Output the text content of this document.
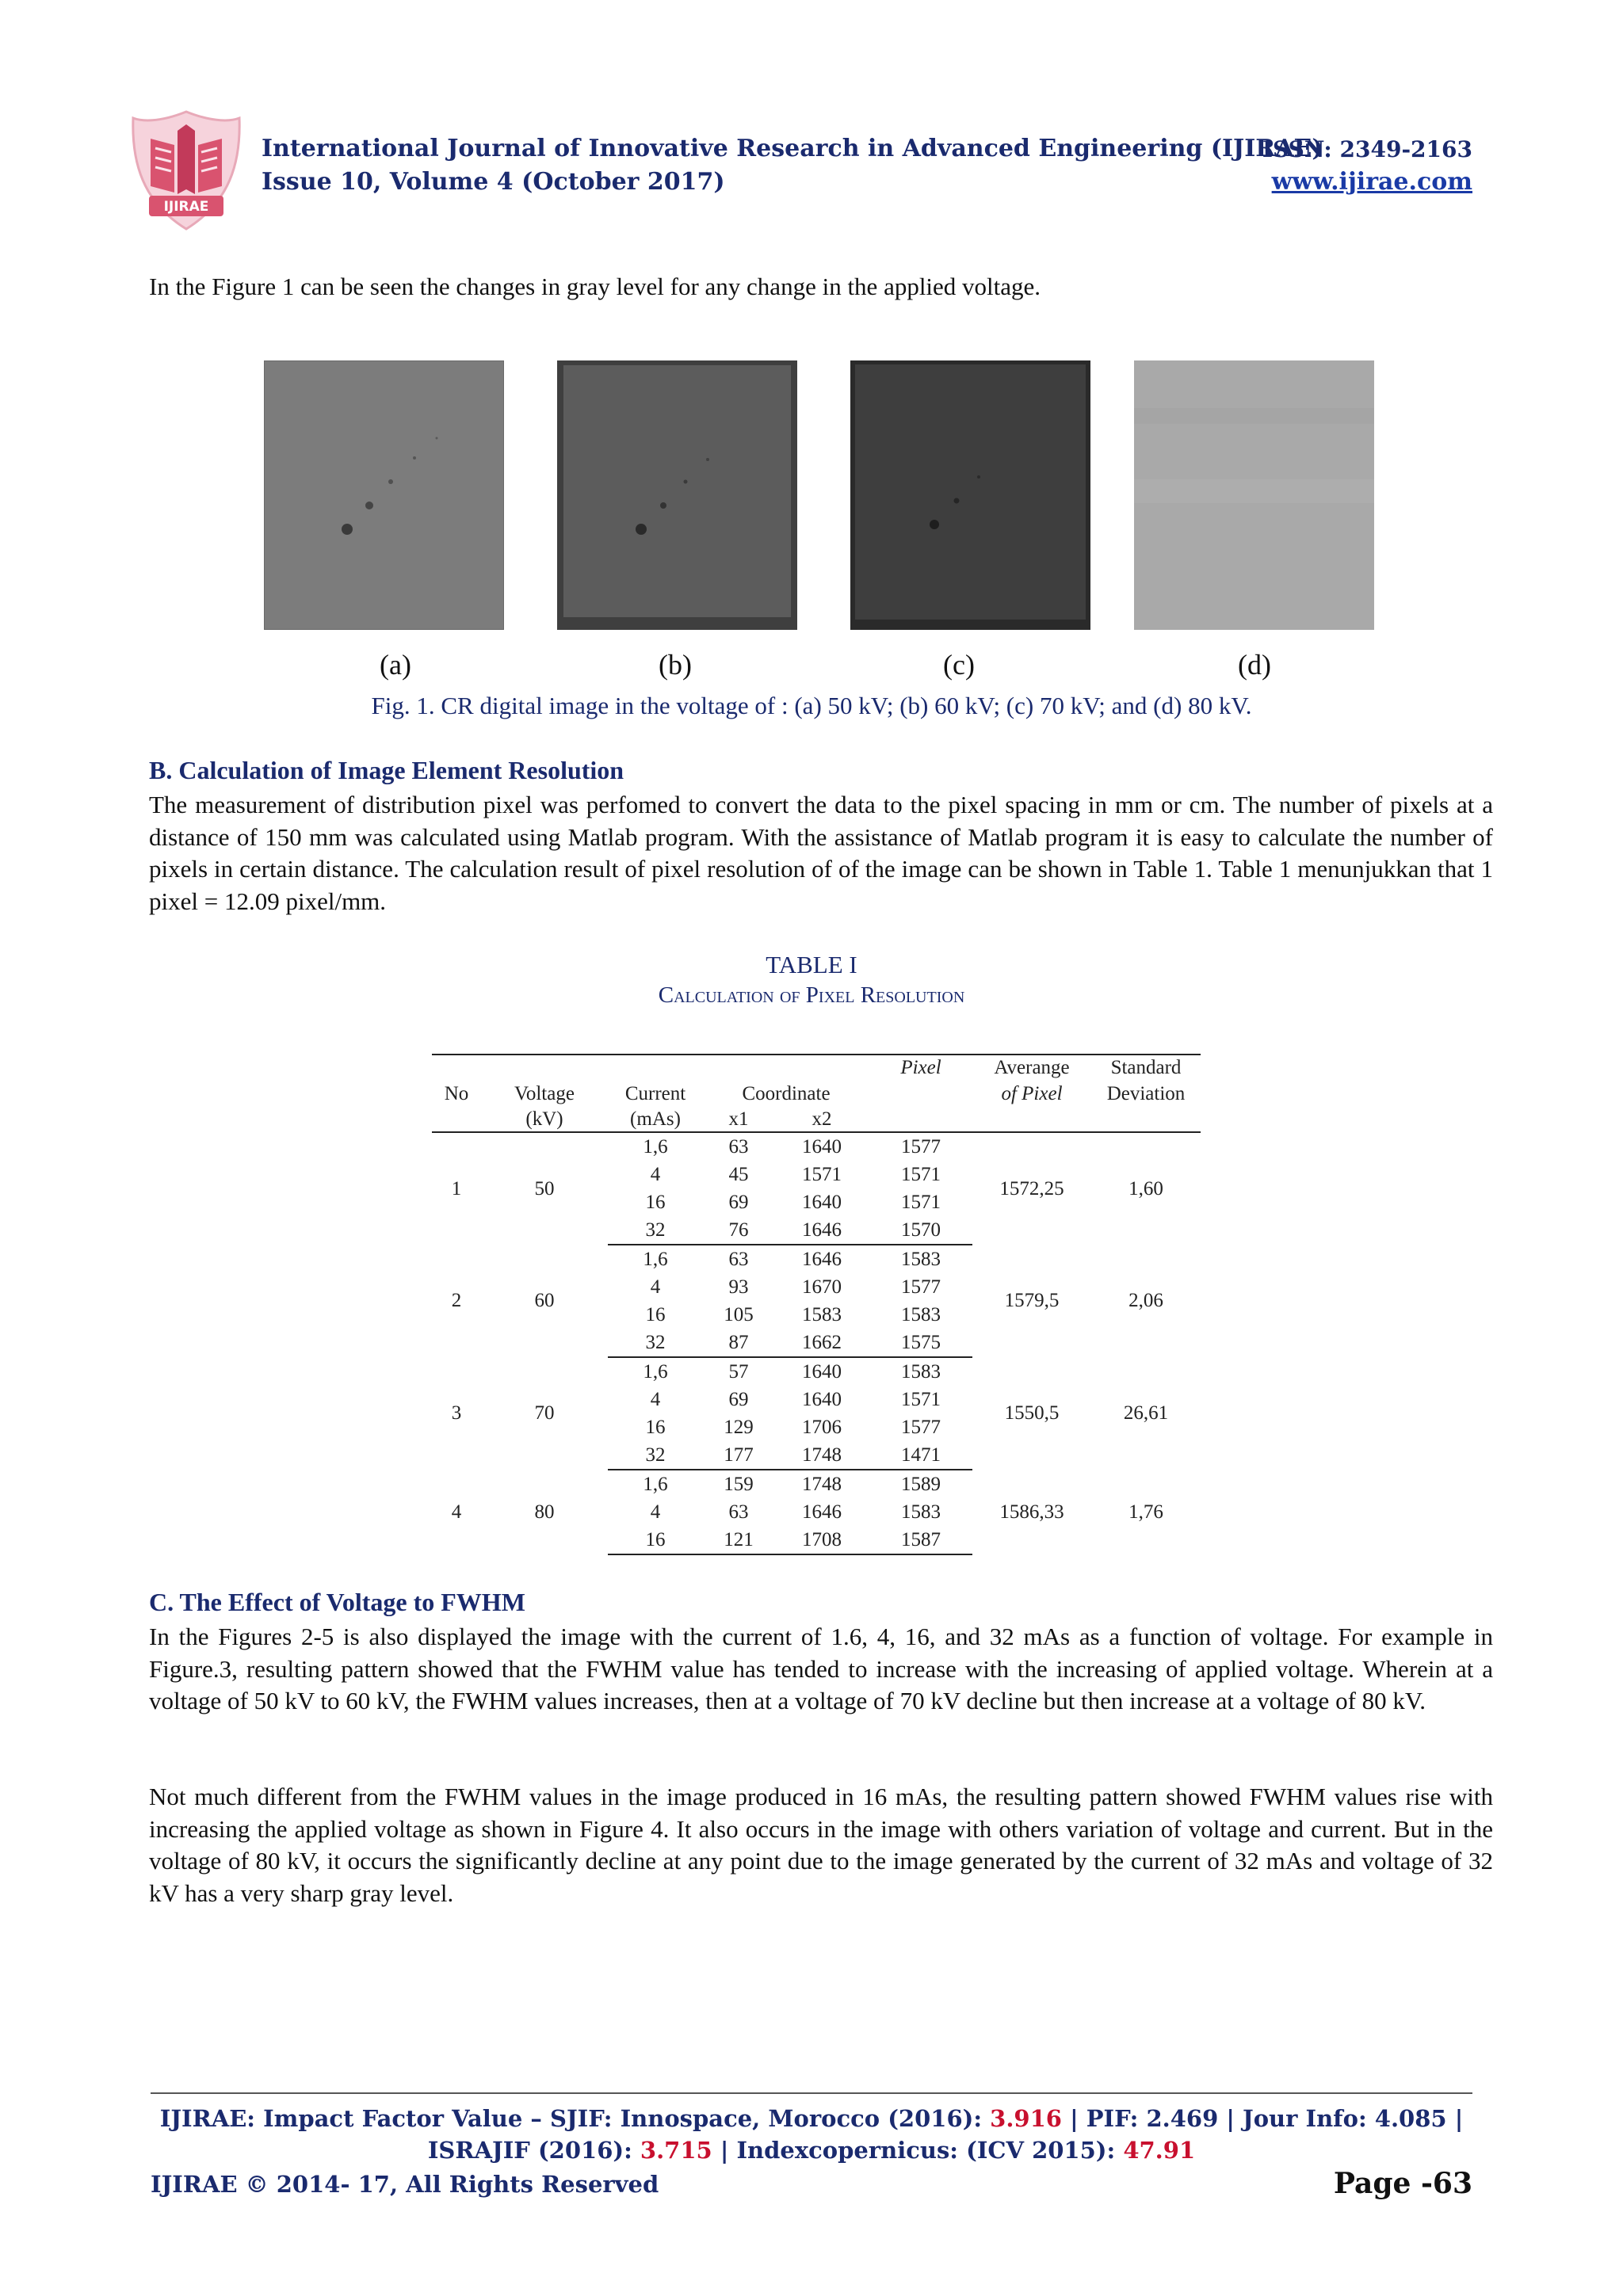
IJIRAE
International Journal of Innovative Research in Advanced Engineering (IJIRAE)
ISSN: 2349-2163
Issue 10, Volume 4 (October 2017)	www.ijirae.com
In the Figure 1 can be seen the changes in gray level for any change in the applied voltage.
(a)	(b)	(c)	(d)
Fig. 1. CR digital image in the voltage of : (a) 50 kV; (b) 60 kV; (c) 70 kV; and (d) 80 kV.
B. Calculation of Image Element Resolution
The measurement of distribution pixel was perfomed to convert the data to the pixel spacing in mm or cm. The number of pixels at a distance of 150 mm was calculated using Matlab program. With the assistance of Matlab program it is easy to calculate the number of pixels in certain distance. The calculation result of pixel resolution of of the image can be shown in Table 1. Table 1 menunjukkan that 1 pixel = 12.09 pixel/mm.
TABLE I
Calculation of Pixel Resolution
					Pixel	Averange	Standard
No	Voltage	Current	Coordinate			of Pixel	Deviation
	(kV)	(mAs)	x1	x2			
1	50	1,6	63	1640	1577	1572,25	1,60
		4	45	1571	1571		
		16	69	1640	1571		
		32	76	1646	1570		
2	60	1,6	63	1646	1583	1579,5	2,06
		4	93	1670	1577		
		16	105	1583	1583		
		32	87	1662	1575		
3	70	1,6	57	1640	1583	1550,5	26,61
		4	69	1640	1571		
		16	129	1706	1577		
		32	177	1748	1471		
4	80	1,6	159	1748	1589	1586,33	1,76
		4	63	1646	1583		
		16	121	1708	1587		
C. The Effect of Voltage to FWHM
In the Figures 2-5 is also displayed the image with the current of 1.6, 4, 16, and 32 mAs as a function of voltage. For example in Figure.3, resulting pattern showed that the FWHM value has tended to increase with the increasing of applied voltage. Wherein at a voltage of 50 kV to 60 kV, the FWHM values increases, then at a voltage of 70 kV decline but then increase at a voltage of 80 kV.
Not much different from the FWHM values in the image produced in 16 mAs, the resulting pattern showed FWHM values rise with increasing the applied voltage as shown in Figure 4. It also occurs in the image with others variation of voltage and current. But in the voltage of 80 kV, it occurs the significantly decline at any point due to the image generated by the current of 32 mAs and voltage of 32 kV has a very sharp gray level.
IJIRAE: Impact Factor Value – SJIF: Innospace, Morocco (2016): 3.916 | PIF: 2.469 | Jour Info: 4.085 |
ISRAJIF (2016): 3.715 | Indexcopernicus: (ICV 2015): 47.91
IJIRAE © 2014- 17, All Rights Reserved	Page -63
